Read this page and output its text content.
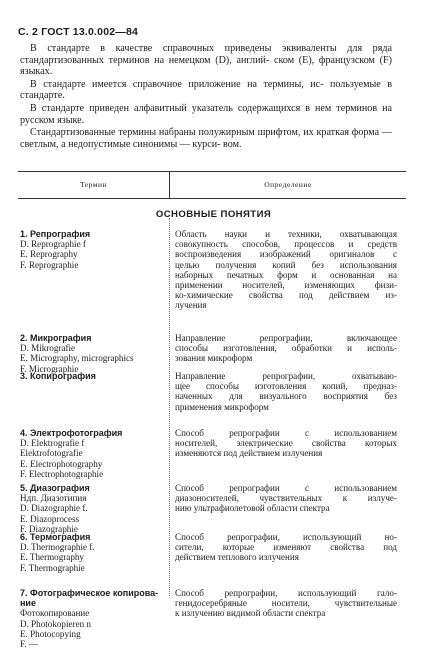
С. 2 ГОСТ 13.0.002—84

В стандарте в качестве справочных приведены эквиваленты для ряда стандартизованных терминов на немецком (D), англий- ском (E), французском (F) языках.

В стандарте имеется справочное приложение на термины, ис- пользуемые в стандарте.

В стандарте приведен алфавитный указатель содержащихся в нем терминов на русском языке.

Стандартизованные термины набраны полужирным шрифтом, их краткая форма — светлым, а недопустимые синонимы — курси- вом.

Термин	Определение
ОСНОВНЫЕ ПОНЯТИЯ
1. Репрография
D. Reprographie f
E. Reprography
F. Reprographie
Область науки и техники, охватывающая
совокупность способов, процессов и средств
воспроизведения изображений оригиналов с
целью получения копий без использования
наборных печатных форм и основанная на
применении носителей, изменяющих физи-
ко-химические свойства под действием из-
лучения
2. Микрография
D. Mikrografie
E. Micrography, micrographics
F. Micrographie
Направление репрографии, включающее
способы изготовления, обработки и исполь-
зования микроформ
3. Копирография	Направление репрографии, охватываю-
щее способы изготовления копий, предназ-
наченных для визуального восприятия без
применения микроформ
4. Электрофотография
D. Elektrografie f
Elektrofotografie
E. Electrophotography
F. Electrophotographie
Способ репрографии с использованием
носителей, электрические свойства которых
изменяются под действием излучения
5. Диазография
Ндп. Диазотипия
D. Diazographie f.
E. Diazoprocess
F. Diazographie
Способ репрографии с использованием
диазоносителей, чувствительных к излуче-
нию ультрафиолетовой области спектра
6. Термография
D. Thermographie f.
E. Thermography
F. Thermographie
Способ репрографии, использующий но-
сители, которые изменяют свойства под
действием теплового излучения
7. Фотографическое копирова-
ние
Фотокопирование
D. Photokopieren n
E. Photocopying
F. —
Способ репрографии, использующий гало-
генидосеребряные носители, чувствительные
к излучению видимой области спектра
